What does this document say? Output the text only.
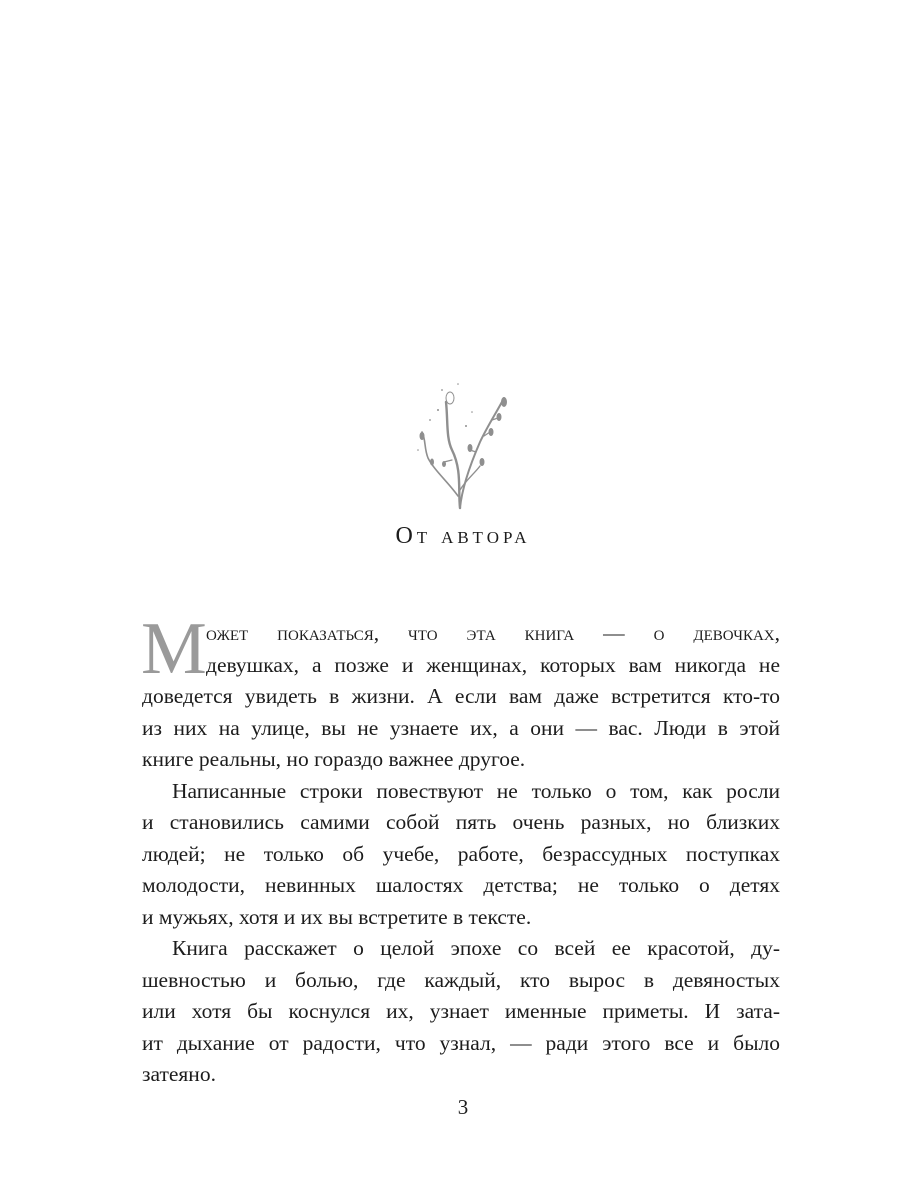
От автора
М ожет показаться, что эта книга — о девочках,
девушках, а позже и женщинах, которых вам никогда не
доведется увидеть в жизни. А если вам даже встретится кто-то
из них на улице, вы не узнаете их, а они — вас. Люди в этой
книге реальны, но гораздо важнее другое.
Написанные строки повествуют не только о том, как росли
и становились самими собой пять очень разных, но близких
людей; не только об учебе, работе, безрассудных поступках
молодости, невинных шалостях детства; не только о детях
и мужьях, хотя и их вы встретите в тексте.
Книга расскажет о целой эпохе со всей ее красотой, ду-
шевностью и болью, где каждый, кто вырос в девяностых
или хотя бы коснулся их, узнает именные приметы. И зата-
ит дыхание от радости, что узнал, — ради этого все и было
затеяно.
3
